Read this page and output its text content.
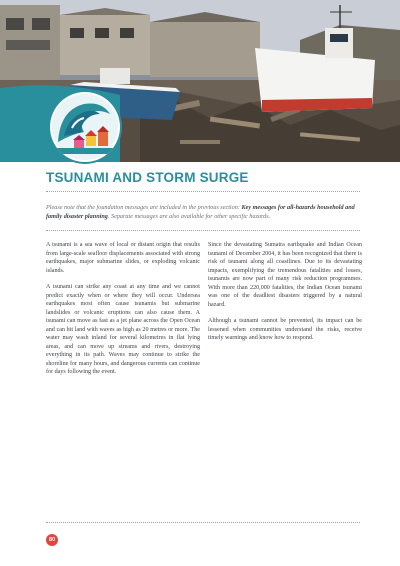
TSUNAMI AND STORM SURGE
Please note that the foundation messages are included in the previous section: Key messages for all-hazards household and family disaster planning. Separate messages are also available for other specific hazards.

A tsunami is a sea wave of local or distant origin that results from large-scale seafloor displacements associated with strong earthquakes, major submarine slides, or exploding volcanic islands.

A tsunami can strike any coast at any time and we cannot predict exactly when or where they will occur. Undersea earthquakes most often cause tsunamis but submarine landslides or volcanic eruptions can also cause them. A tsunami can move as fast as a jet plane across the Open Ocean and can hit land with waves as high as 20 metres or more. The water may wash inland for several kilometres in flat lying areas, and can move up streams and rivers, destroying everything in its path. Waves may continue to strike the shoreline for many hours, and dangerous currents can continue for days following the event.

Since the devastating Sumatra earthquake and Indian Ocean tsunami of December 2004, it has been recognized that there is risk of tsunami along all coastlines. Due to its devastating impacts, exemplifying the tremendous fatalities and losses, tsunamis are now part of many risk reduction programmes. With more than 220,000 fatalities, the Indian Ocean tsunami was one of the deadliest disasters triggered by a natural hazard.

Although a tsunami cannot be prevented, its impact can be lessened when communities understand the risks, receive timely warnings and know how to respond.

80
